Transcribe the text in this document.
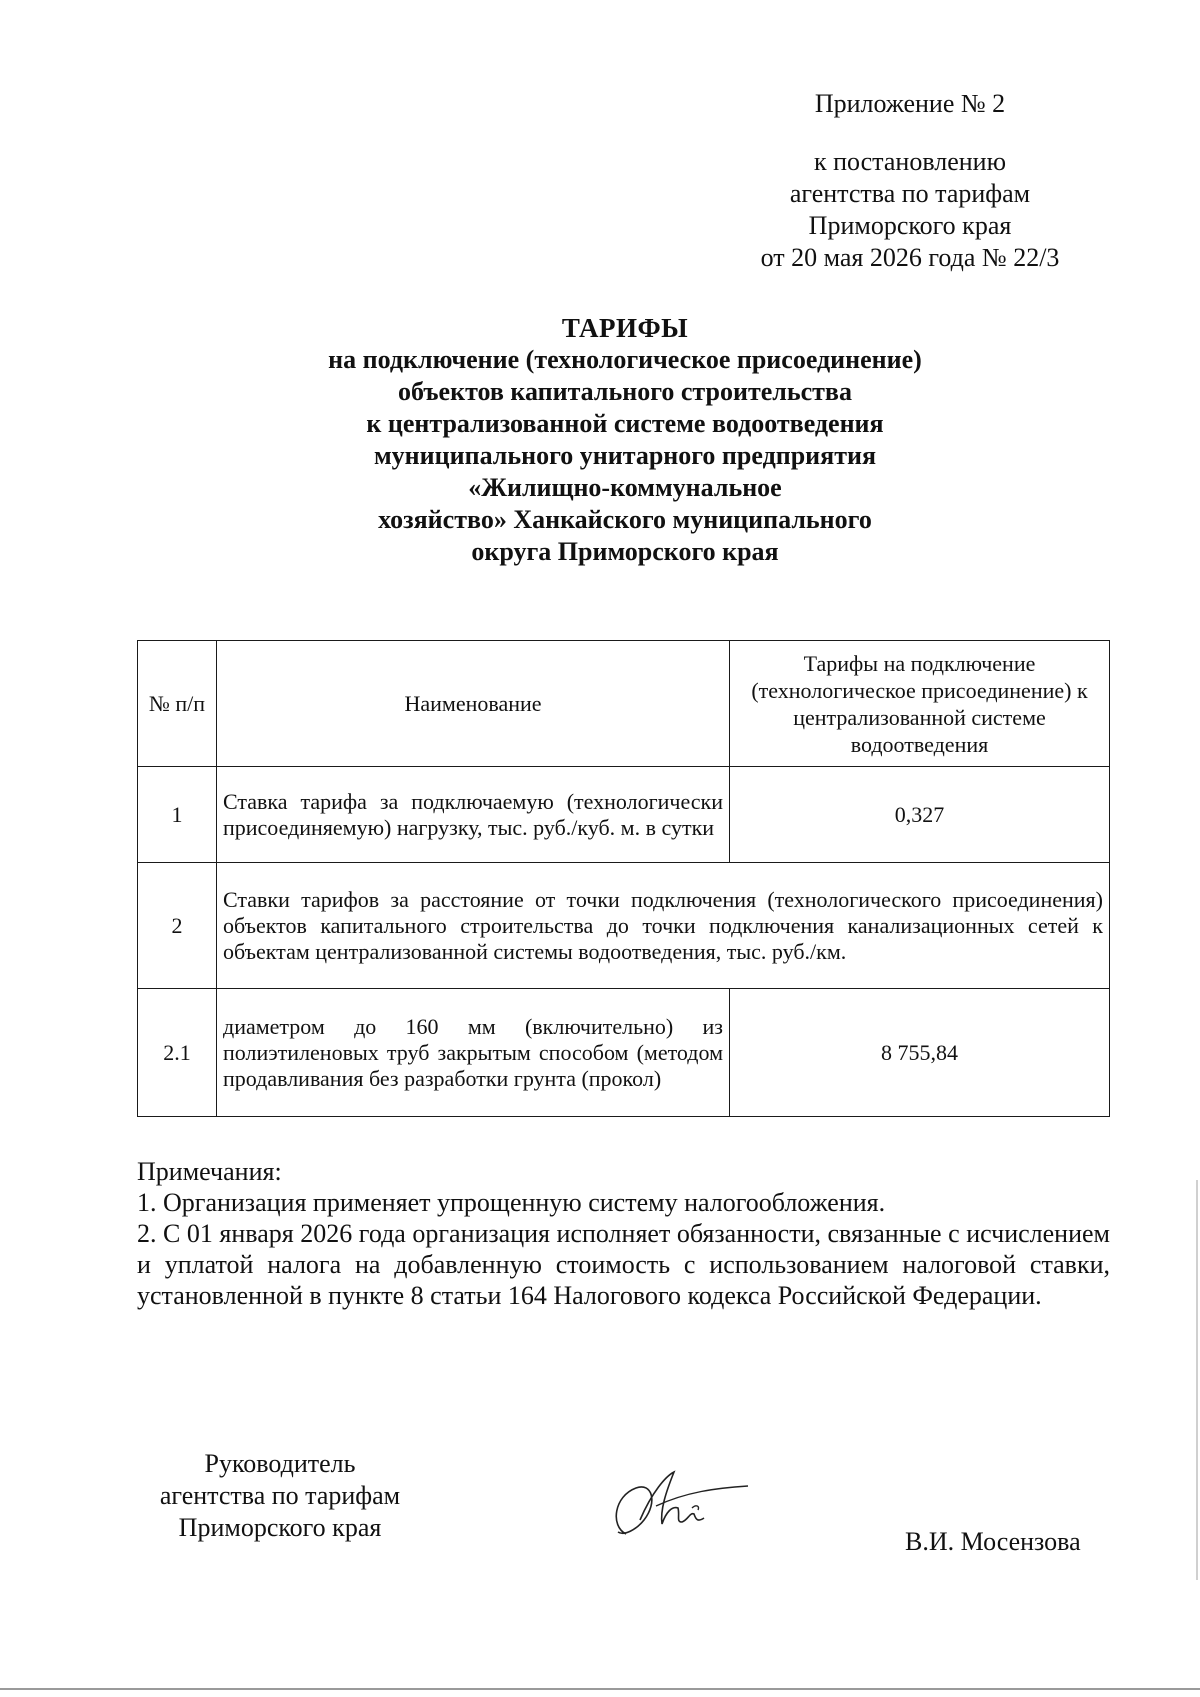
Приложение № 2
к постановлению
агентства по тарифам
Приморского края
от 20 мая 2026 года № 22/3
ТАРИФЫ
на подключение (технологическое присоединение)
объектов капитального строительства
к централизованной системе водоотведения
муниципального унитарного предприятия
«Жилищно-коммунальное
хозяйство» Ханкайского муниципального
округа Приморского края
№ п/п	Наименование	Тарифы на подключение (технологическое присоединение) к централизованной системе водоотведения
1	Ставка тарифа за подключаемую (технологически присоединяемую) нагрузку, тыс. руб./куб. м. в сутки	0,327
2	Ставки тарифов за расстояние от точки подключения (технологического присоединения) объектов капитального строительства до точки подключения канализационных сетей к объектам централизованной системы водоотведения, тыс. руб./км.	
2.1	диаметром до 160 мм (включительно) из полиэтиленовых труб закрытым способом (методом продавливания без разработки грунта (прокол)	8 755,84
Примечания:
1. Организация применяет упрощенную систему налогообложения.
2. С 01 января 2026 года организация исполняет обязанности, связанные с исчислением и уплатой налога на добавленную стоимость с использованием налоговой ставки, установленной в пункте 8 статьи 164 Налогового кодекса Российской Федерации.
Руководитель
агентства по тарифам
Приморского края	В.И. Мосензова
